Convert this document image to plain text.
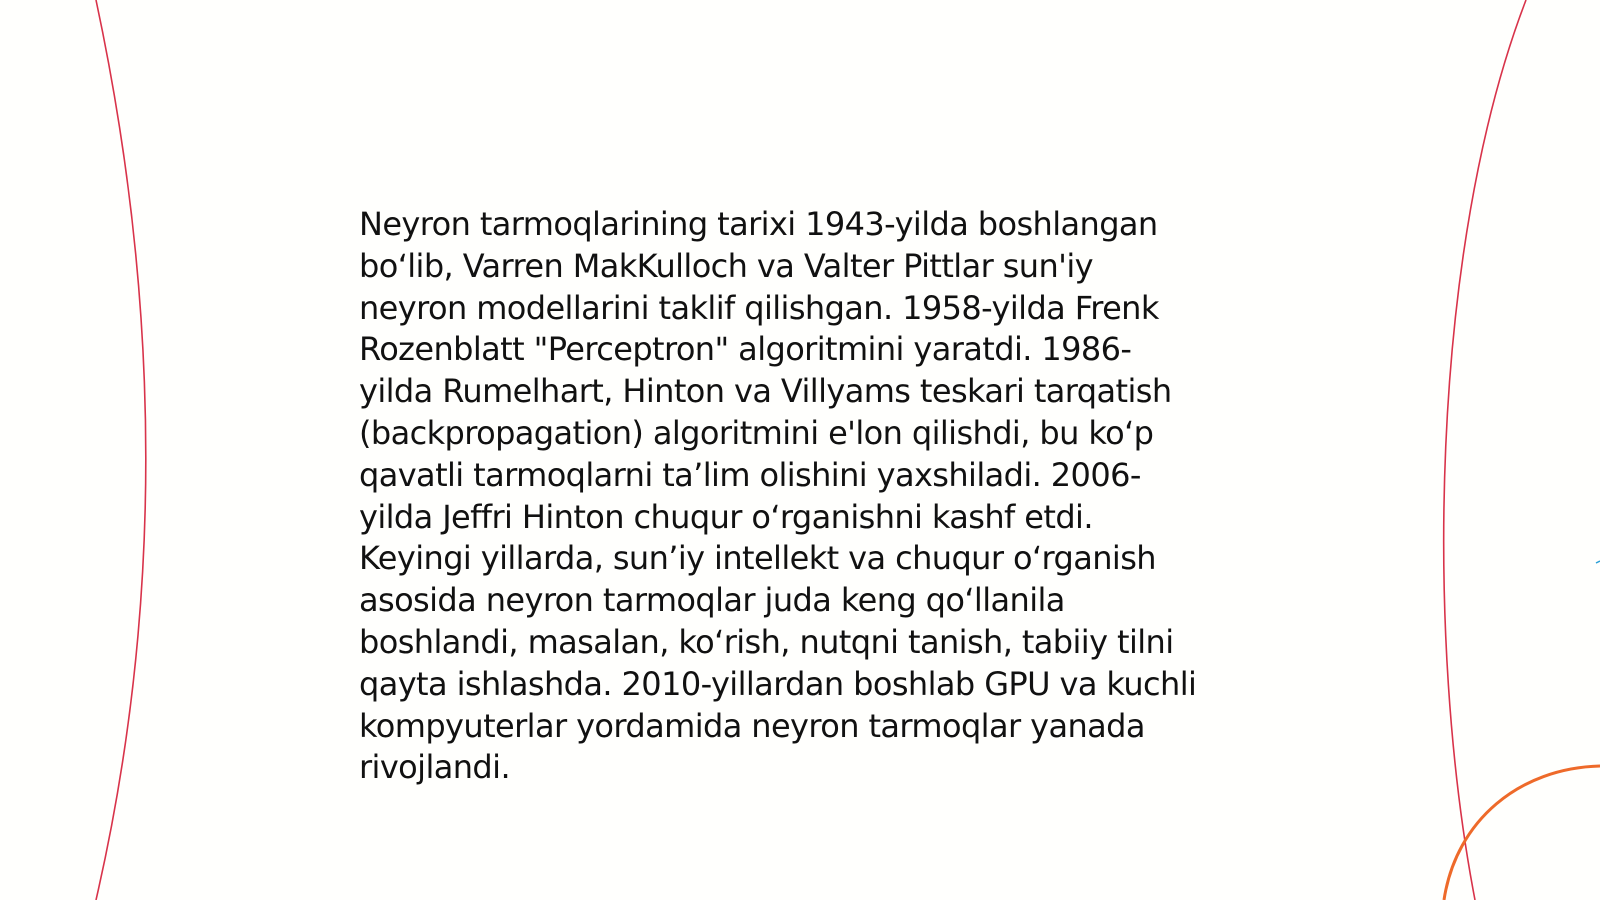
Neyron tarmoqlarining tarixi 1943-yilda boshlangan
bo‘lib, Varren MakKulloch va Valter Pittlar sun'iy
neyron modellarini taklif qilishgan. 1958-yilda Frenk
Rozenblatt "Perceptron" algoritmini yaratdi. 1986-
yilda Rumelhart, Hinton va Villyams teskari tarqatish
(backpropagation) algoritmini e'lon qilishdi, bu ko‘p
qavatli tarmoqlarni ta’lim olishini yaxshiladi. 2006-
yilda Jeffri Hinton chuqur o‘rganishni kashf etdi.
Keyingi yillarda, sun’iy intellekt va chuqur o‘rganish
asosida neyron tarmoqlar juda keng qo‘llanila
boshlandi, masalan, ko‘rish, nutqni tanish, tabiiy tilni
qayta ishlashda. 2010-yillardan boshlab GPU va kuchli
kompyuterlar yordamida neyron tarmoqlar yanada
rivojlandi.
